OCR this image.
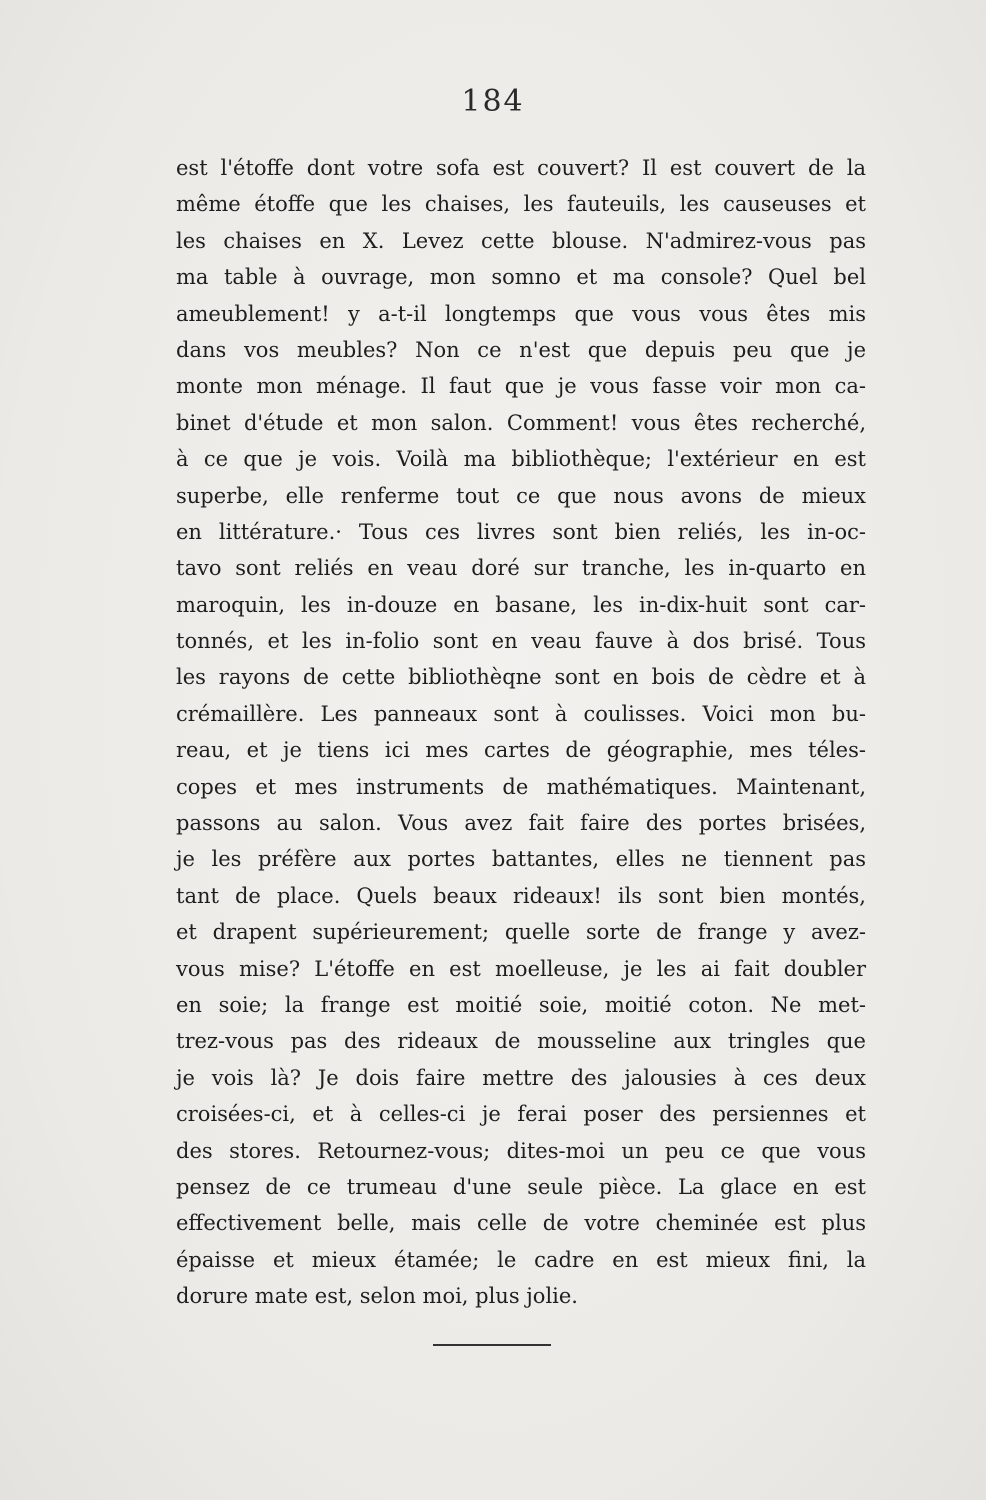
184
est l'étoffe dont votre sofa est couvert? Il est couvert de la
même étoffe que les chaises, les fauteuils, les causeuses et
les chaises en X. Levez cette blouse. N'admirez-vous pas
ma table à ouvrage, mon somno et ma console? Quel bel
ameublement! y a-t-il longtemps que vous vous êtes mis
dans vos meubles? Non ce n'est que depuis peu que je
monte mon ménage. Il faut que je vous fasse voir mon ca-
binet d'étude et mon salon. Comment! vous êtes recherché,
à ce que je vois. Voilà ma bibliothèque; l'extérieur en est
superbe, elle renferme tout ce que nous avons de mieux
en littérature.· Tous ces livres sont bien reliés, les in-oc-
tavo sont reliés en veau doré sur tranche, les in-quarto en
maroquin, les in-douze en basane, les in-dix-huit sont car-
tonnés, et les in-folio sont en veau fauve à dos brisé. Tous
les rayons de cette bibliothèqne sont en bois de cèdre et à
crémaillère. Les panneaux sont à coulisses. Voici mon bu-
reau, et je tiens ici mes cartes de géographie, mes téles-
copes et mes instruments de mathématiques. Maintenant,
passons au salon. Vous avez fait faire des portes brisées,
je les préfère aux portes battantes, elles ne tiennent pas
tant de place. Quels beaux rideaux! ils sont bien montés,
et drapent supérieurement; quelle sorte de frange y avez-
vous mise? L'étoffe en est moelleuse, je les ai fait doubler
en soie; la frange est moitié soie, moitié coton. Ne met-
trez-vous pas des rideaux de mousseline aux tringles que
je vois là? Je dois faire mettre des jalousies à ces deux
croisées-ci, et à celles-ci je ferai poser des persiennes et
des stores. Retournez-vous; dites-moi un peu ce que vous
pensez de ce trumeau d'une seule pièce. La glace en est
effectivement belle, mais celle de votre cheminée est plus
épaisse et mieux étamée; le cadre en est mieux fini, la
dorure mate est, selon moi, plus jolie.
